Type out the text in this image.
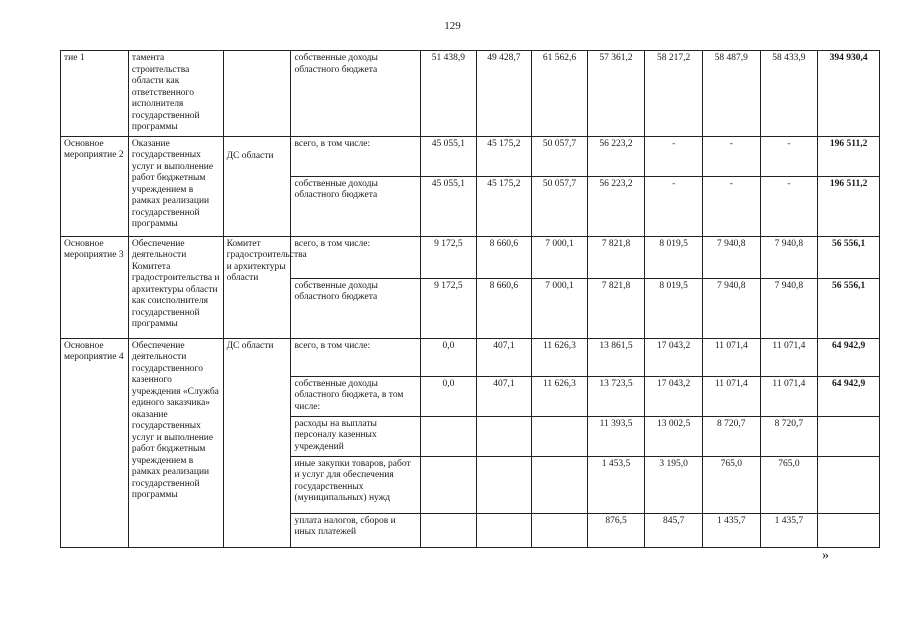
129
тие 1	тамента строительства области как ответственного исполнителя государственной программы		собственные доходы областного бюджета	51 438,9	49 428,7	61 562,6	57 361,2	58 217,2	58 487,9	58 433,9	394 930,4
Основное мероприятие 2	Оказание государственных услуг и выполнение работ бюджетным учреждением в рамках реализации государственной программы	ДС области	всего, в том числе:	45 055,1	45 175,2	50 057,7	56 223,2	-	-	-	196 511,2
			собственные доходы областного бюджета	45 055,1	45 175,2	50 057,7	56 223,2	-	-	-	196 511,2
Основное мероприятие 3	Обеспечение деятельности Комитета градостроительства и архитектуры области как соисполнителя государственной программы	Комитет градостроительства и архитектуры области	всего, в том числе:	9 172,5	8 660,6	7 000,1	7 821,8	8 019,5	7 940,8	7 940,8	56 556,1
			собственные доходы областного бюджета	9 172,5	8 660,6	7 000,1	7 821,8	8 019,5	7 940,8	7 940,8	56 556,1
Основное мероприятие 4	Обеспечение деятельности государственного казенного учреждения «Служба единого заказчика» оказание государственных услуг и выполнение работ бюджетным учреждением в рамках реализации государственной программы	ДС области	всего, в том числе:	0,0	407,1	11 626,3	13 861,5	17 043,2	11 071,4	11 071,4	64 942,9
			собственные доходы областного бюджета, в том числе:	0,0	407,1	11 626,3	13 723,5	17 043,2	11 071,4	11 071,4	64 942,9
			расходы на выплаты персоналу казенных учреждений				11 393,5	13 002,5	8 720,7	8 720,7	
			иные закупки товаров, работ и услуг для обеспечения государственных (муниципальных) нужд				1 453,5	3 195,0	765,0	765,0	
			уплата налогов, сборов и иных платежей				876,5	845,7	1 435,7	1 435,7	
»
